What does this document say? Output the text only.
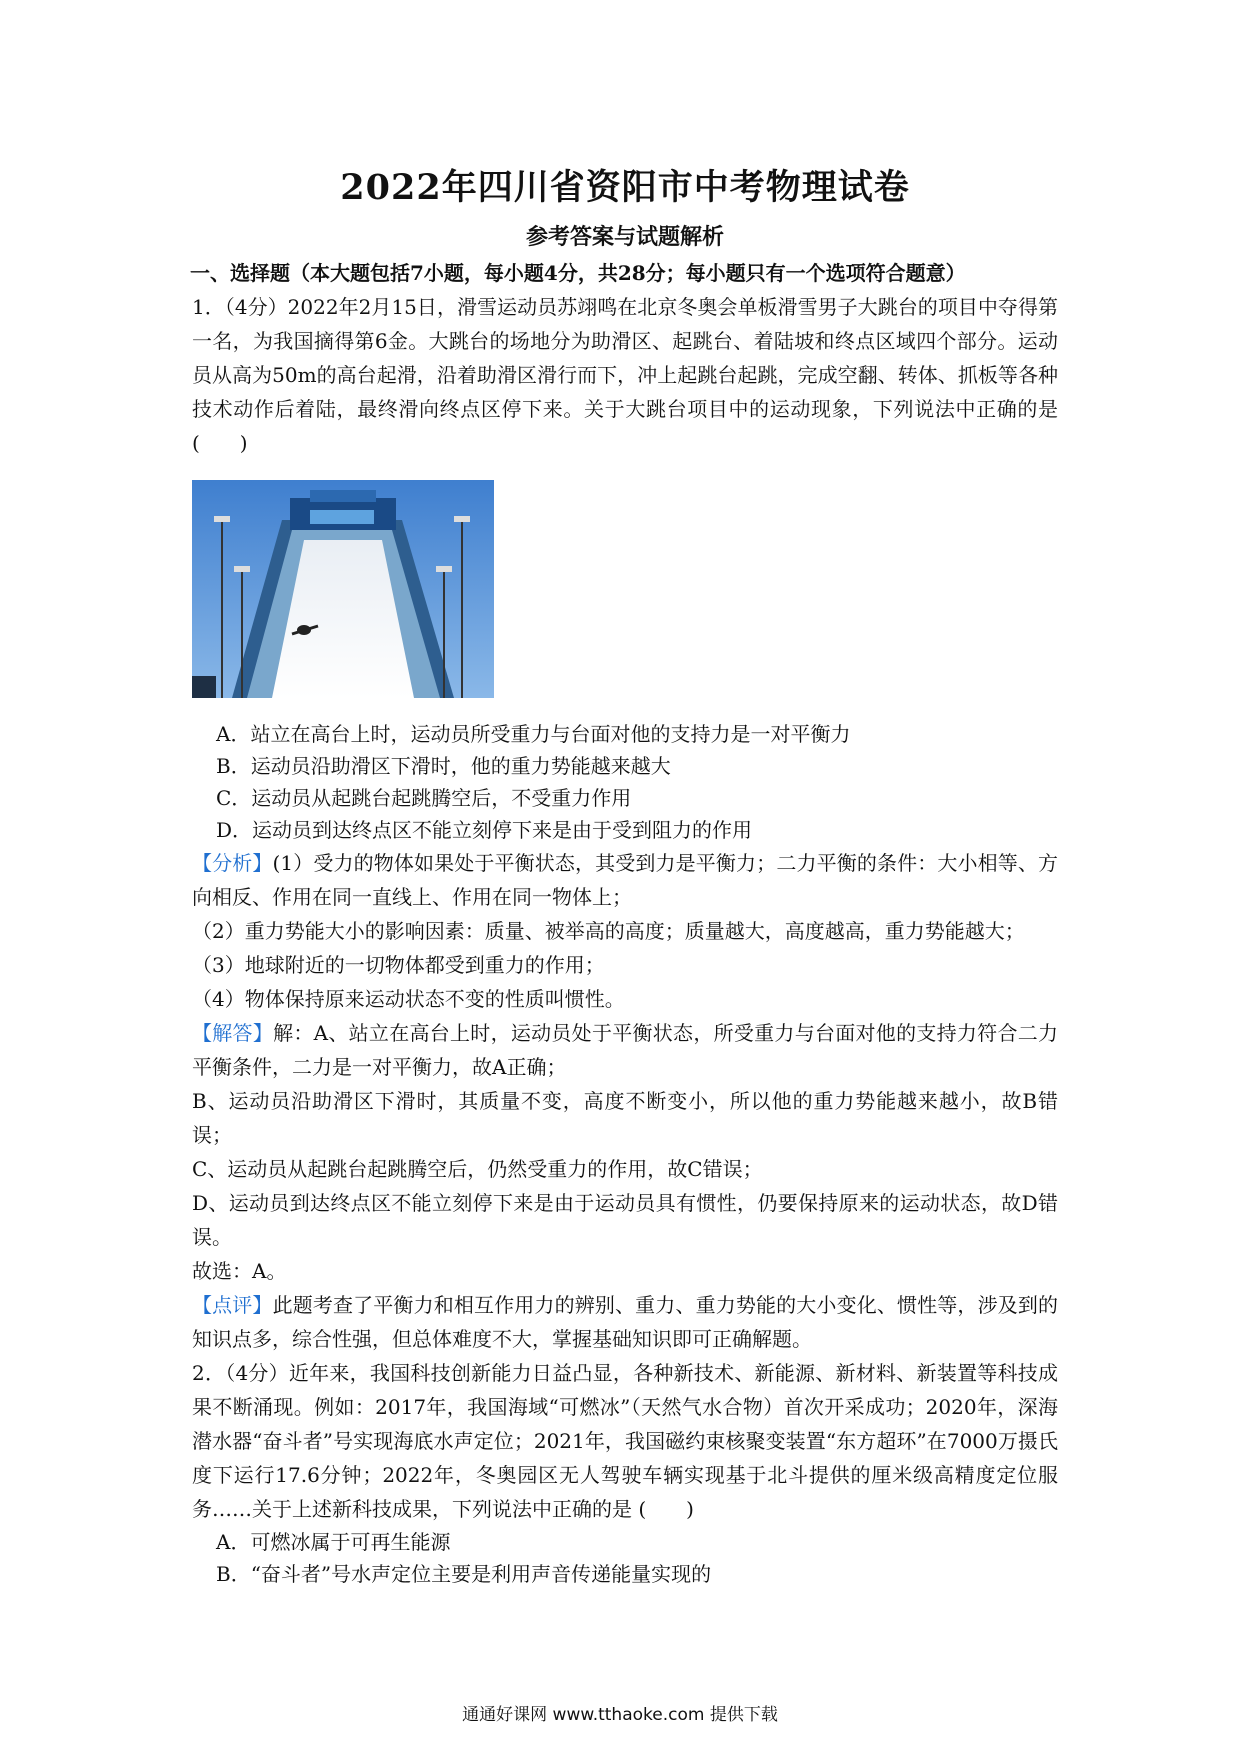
2022年四川省资阳市中考物理试卷
参考答案与试题解析
一、选择题（本大题包括7小题，每小题4分，共28分；每小题只有一个选项符合题意）

1．（4分）2022年2月15日，滑雪运动员苏翊鸣在北京冬奥会单板滑雪男子大跳台的项目中夺得第一名，为我国摘得第6金。大跳台的场地分为助滑区、起跳台、着陆坡和终点区域四个部分。运动员从高为50m的高台起滑，沿着助滑区滑行而下，冲上起跳台起跳，完成空翻、转体、抓板等各种技术动作后着陆，最终滑向终点区停下来。关于大跳台项目中的运动现象，下列说法中正确的是 (　　)

A．站立在高台上时，运动员所受重力与台面对他的支持力是一对平衡力

B．运动员沿助滑区下滑时，他的重力势能越来越大

C．运动员从起跳台起跳腾空后，不受重力作用

D．运动员到达终点区不能立刻停下来是由于受到阻力的作用

【分析】(1）受力的物体如果处于平衡状态，其受到力是平衡力；二力平衡的条件：大小相等、方向相反、作用在同一直线上、作用在同一物体上；

（2）重力势能大小的影响因素：质量、被举高的高度；质量越大，高度越高，重力势能越大；

（3）地球附近的一切物体都受到重力的作用；

（4）物体保持原来运动状态不变的性质叫惯性。

【解答】解：A、站立在高台上时，运动员处于平衡状态，所受重力与台面对他的支持力符合二力平衡条件，二力是一对平衡力，故A正确；

B、运动员沿助滑区下滑时，其质量不变，高度不断变小，所以他的重力势能越来越小，故B错误；

C、运动员从起跳台起跳腾空后，仍然受重力的作用，故C错误；

D、运动员到达终点区不能立刻停下来是由于运动员具有惯性，仍要保持原来的运动状态，故D错误。

故选：A。

【点评】此题考查了平衡力和相互作用力的辨别、重力、重力势能的大小变化、惯性等，涉及到的知识点多，综合性强，但总体难度不大，掌握基础知识即可正确解题。

2．（4分）近年来，我国科技创新能力日益凸显，各种新技术、新能源、新材料、新装置等科技成果不断涌现。例如：2017年，我国海域“可燃冰”（天然气水合物）首次开采成功；2020年，深海潜水器“奋斗者”号实现海底水声定位；2021年，我国磁约束核聚变装置“东方超环”在7000万摄氏度下运行17.6分钟；2022年，冬奥园区无人驾驶车辆实现基于北斗提供的厘米级高精度定位服务……关于上述新科技成果，下列说法中正确的是 (　　)

A．可燃冰属于可再生能源

B．“奋斗者”号水声定位主要是利用声音传递能量实现的

通通好课网 www.tthaoke.com 提供下载
